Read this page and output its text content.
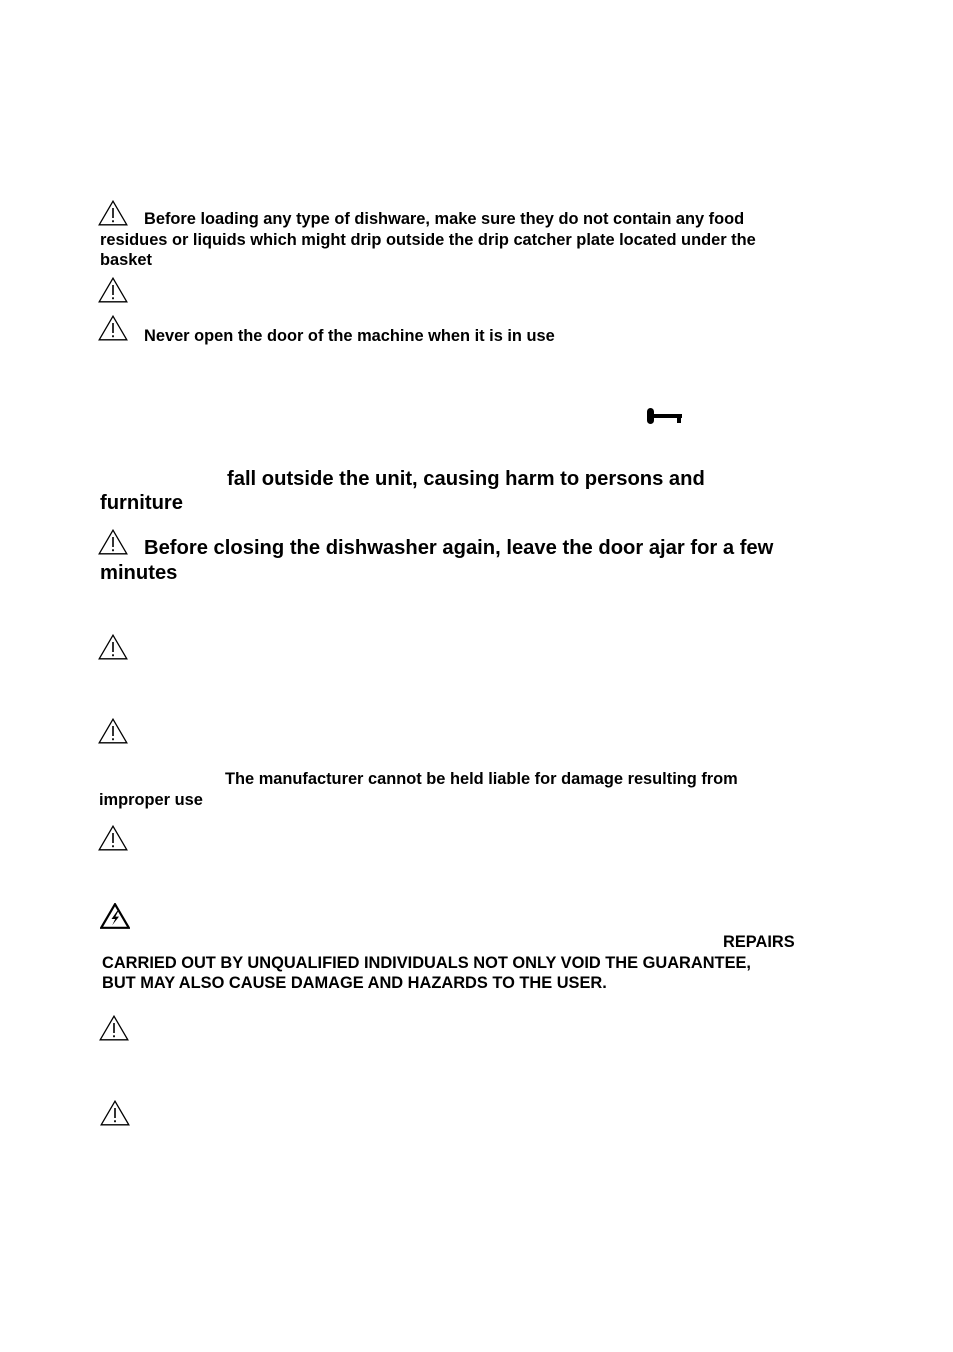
Before loading any type of dishware, make sure they do not contain any food

residues or liquids which might drip outside the drip catcher plate located under the

basket

Never open the door of the machine when it is in use

fall outside the unit, causing harm to persons and

furniture

Before closing the dishwasher again, leave the door ajar for a few

minutes

The manufacturer cannot be held liable for damage resulting from

improper use

REPAIRS

CARRIED OUT BY UNQUALIFIED INDIVIDUALS NOT ONLY VOID THE GUARANTEE,

BUT MAY ALSO CAUSE DAMAGE AND HAZARDS TO THE USER.
